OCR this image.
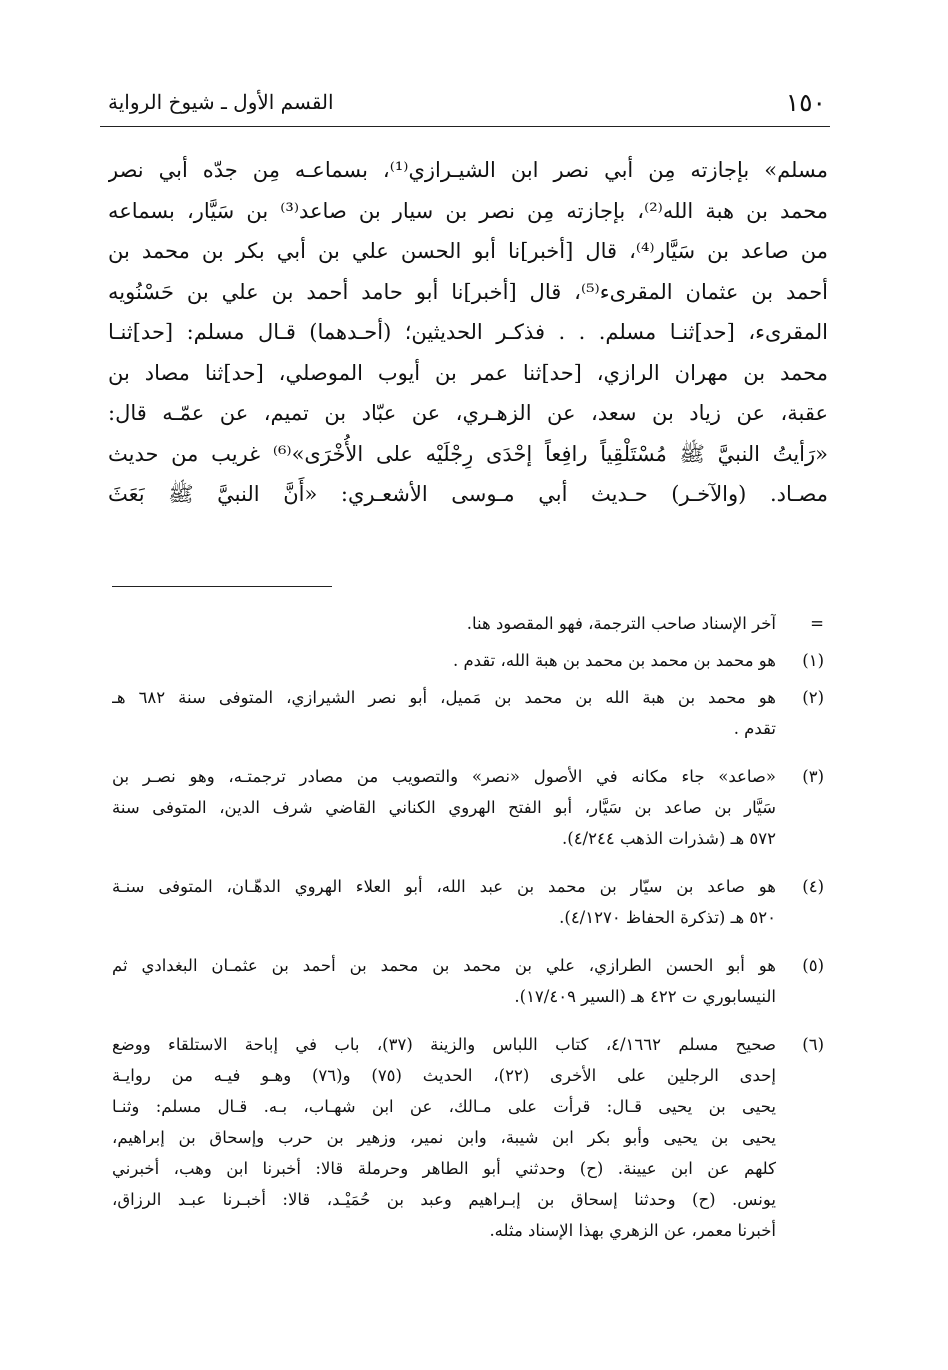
١٥٠
القسم الأول ـ شيوخ الرواية
مسلم» بإجازته مِن أبي نصر ابن الشيـرازي⁽¹⁾، بسماعـه مِن جدّه أبي نصر
محمد بن هبة الله⁽²⁾، بإجازته مِن نصر بن سيار بن صاعد⁽³⁾ بن سَيَّار، بسماعه
من صاعد بن سَيَّار⁽⁴⁾، قال [أخبر]نا أبو الحسن علي بن أبي بكر بن محمد بن
أحمد بن عثمان المقرىء⁽⁵⁾، قال [أخبر]نا أبو حامد أحمد بن علي بن حَسْنُويه
المقرىء، [حد]ثنـا مسلم. . . فذكـر الحديثين؛ (أحـدهما) قـال مسلم: [حد]ثنـا
محمد بن مهران الرازي، [حد]ثنا عمر بن أيوب الموصلي، [حد]ثنا مصاد بن
عقبة، عن زياد بن سعد، عن الزهـري، عن عبّاد بن تميم، عن عمّـه قال:
«رَأيتُ النبيَّ ﷺ مُسْتَلْقِياً رافِعاً إحْدَى رِجْلَيْه على الأُخْرَى»⁽⁶⁾ غريب من حديث
مصـاد. (والآخـر) حـديث أبي مـوسى الأشعـري: «أَنَّ النبيَّ ﷺ بَعَثَ
=
آخر الإسناد صاحب الترجمة، فهو المقصود هنا.
(١)
هو محمد بن محمد بن محمد بن هبة الله، تقدم .
(٢)
هو محمد بن هبة الله بن محمد بن مَميل، أبو نصر الشيرازي، المتوفى سنة ٦٨٢ هـ
تقدم .
(٣)
«صاعد» جاء مكانه في الأصول «نصر» والتصويب من مصادر ترجمتـه، وهو نصـر بن
سَيَّار بن صاعد بن سَيَّار، أبو الفتح الهروي الكناني القاضي شرف الدين، المتوفى سنة
٥٧٢ هـ (شذرات الذهب ٤/٢٤٤).
(٤)
هو صاعد بن سيّار بن محمد بن عبد الله، أبو العلاء الهروي الدهّـان، المتوفى سنـة
٥٢٠ هـ (تذكرة الحفاظ ٤/١٢٧٠).
(٥)
هو أبو الحسن الطرازي، علي بن محمد بن محمد بن أحمد بن عثمـان البغدادي ثم
النيسابوري ت ٤٢٢ هـ (السير ١٧/٤٠٩).
(٦)
صحيح مسلم ٤/١٦٦٢، كتاب اللباس والزينة (٣٧)، باب في إباحة الاستلقاء ووضع
إحدى الرجلين على الأخرى (٢٢)، الحديث (٧٥) و(٧٦) وهـو فيـه من روايـة
يحيى بن يحيى قـال: قرأت على مـالك، عن ابن شهـاب، بـه. قـال مسلم: وثنـا
يحيى بن يحيى وأبو بكر ابن شيبة، وابن نمير، وزهير بن حرب وإسحاق بن إبراهيم،
كلهم عن ابن عيينة. (ح) وحدثني أبو الطاهر وحرملة قالا: أخبرنا ابن وهب، أخبرني
يونس. (ح) وحدثنا إسحاق بن إبـراهيم وعبد بن حُمَيْـد، قالا: أخبـرنا عبـد الرزاق،
أخبرنا معمر، عن الزهري بهذا الإسناد مثله.
